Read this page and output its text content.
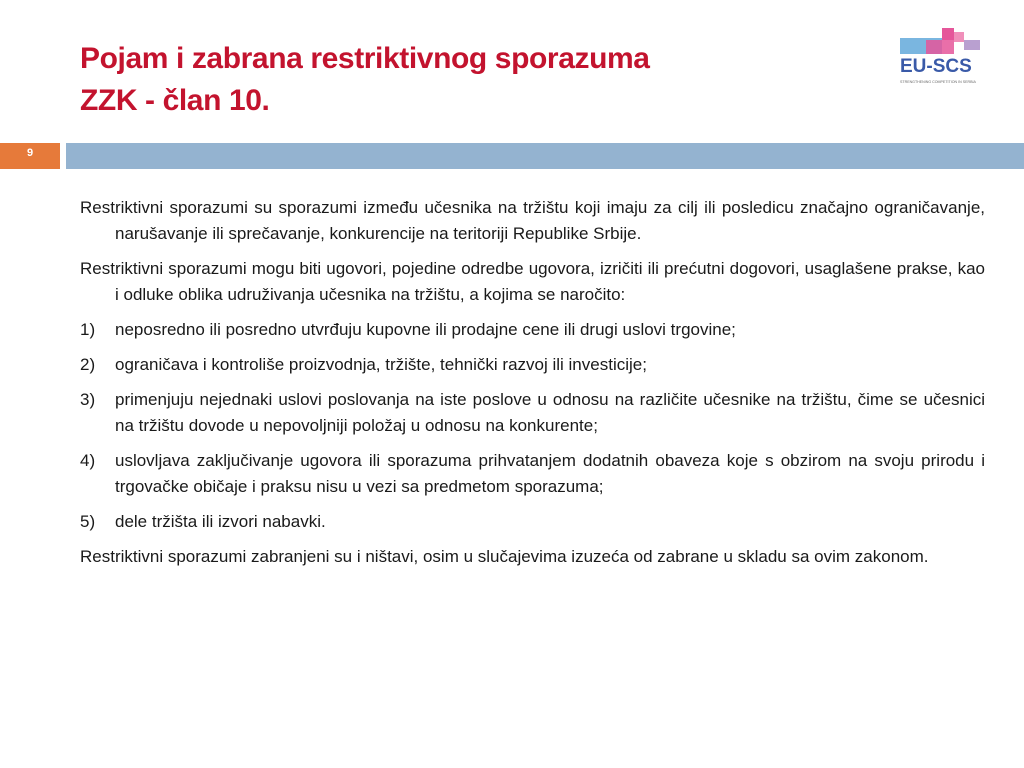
Pojam i zabrana restriktivnog sporazuma
ZZK - član 10.
EU-SCS
STRENGTHENING COMPETITION IN SERBIA
9

Restriktivni sporazumi su sporazumi između učesnika na tržištu koji imaju za cilj ili posledicu značajno ograničavanje, narušavanje ili sprečavanje, konkurencije na teritoriji Republike Srbije.

Restriktivni sporazumi mogu biti ugovori, pojedine odredbe ugovora, izričiti ili prećutni dogovori, usaglašene prakse, kao i odluke oblika udruživanja učesnika na tržištu, a kojima se naročito:

1)	neposredno ili posredno utvrđuju kupovne ili prodajne cene ili drugi uslovi trgovine;
2)	ograničava i kontroliše proizvodnja, tržište, tehnički razvoj ili investicije;
3)	primenjuju nejednaki uslovi poslovanja na iste poslove u odnosu na različite učesnike na tržištu, čime se učesnici na tržištu dovode u nepovoljniji položaj u odnosu na konkurente;
4)	uslovljava zaključivanje ugovora ili sporazuma prihvatanjem dodatnih obaveza koje s obzirom na svoju prirodu i trgovačke običaje i praksu nisu u vezi sa predmetom sporazuma;
5)	dele tržišta ili izvori nabavki.

Restriktivni sporazumi zabranjeni su i ništavi, osim u slučajevima izuzeća od zabrane u skladu sa ovim zakonom.
